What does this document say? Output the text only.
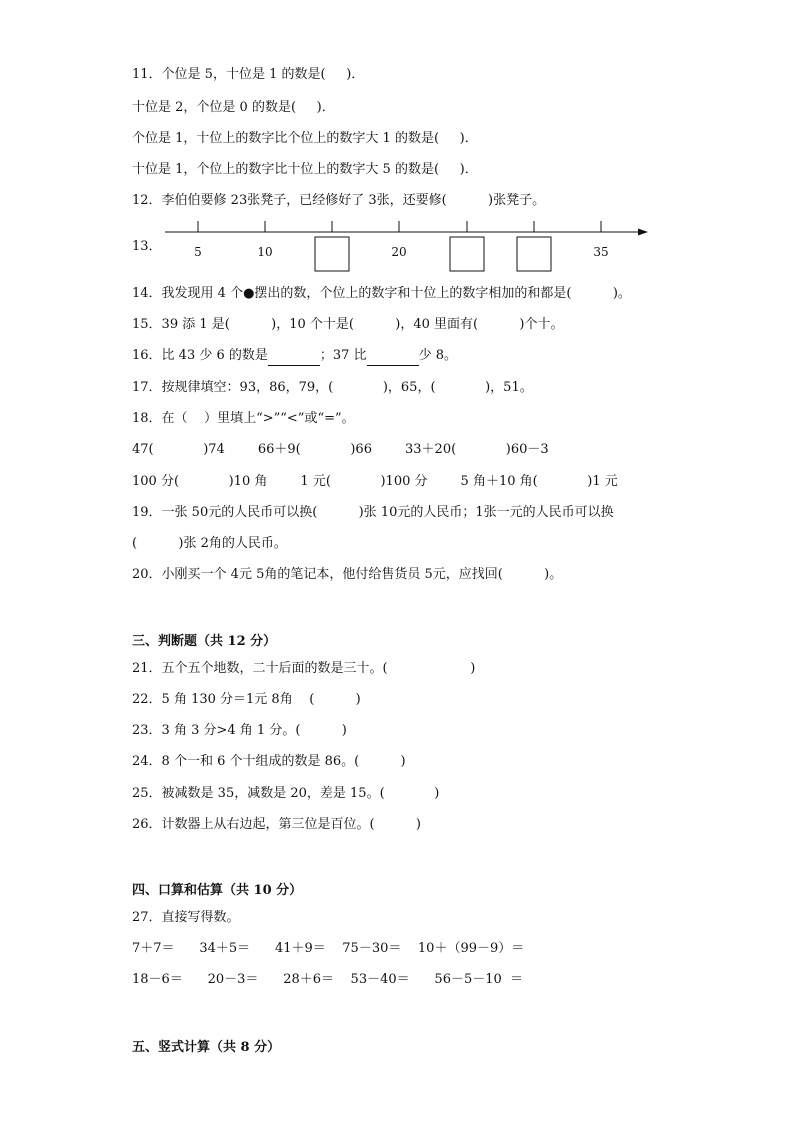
11．个位是 5，十位是 1 的数是(     )．
十位是 2，个位是 0 的数是(     )．
个位是 1，十位上的数字比个位上的数字大 1 的数是(     )．
十位是 1，个位上的数字比十位上的数字大 5 的数是(     )．
12．李伯伯要修 23张凳子，已经修好了 3张，还要修(          )张凳子。
13．	5	10	20	35
14．我发现用 4 个●摆出的数，个位上的数字和十位上的数字相加的和都是(          )。
15．39 添 1 是(          )，10 个十是(          )，40 里面有(          )个十。
16．比 43 少 6 的数是	；37 比	少 8。
17．按规律填空：93，86，79，(            )，65，(            )，51。
18．在（    ）里填上“>”“<”或“=”。
47(            )74        66＋9(            )66        33＋20(            )60－3
100 分(            )10 角        1 元(            )100 分        5 角＋10 角(            )1 元
19．一张 50元的人民币可以换(          )张 10元的人民币；1张一元的人民币可以换
(          )张 2角的人民币。
20．小刚买一个 4元 5角的笔记本，他付给售货员 5元，应找回(          )。
三、判断题（共 12 分）
21．五个五个地数，二十后面的数是三十。(                    )
22．5 角 130 分＝1元 8角    (          )
23．3 角 3 分>4 角 1 分。(          )
24．8 个一和 6 个十组成的数是 86。(          )
25．被减数是 35，减数是 20，差是 15。(            )
26．计数器上从右边起，第三位是百位。(          )
四、口算和估算（共 10 分）
27．直接写得数。
7＋7＝      34＋5＝      41＋9＝    75－30＝    10＋（99－9）＝
18－6＝      20－3＝      28＋6＝    53－40＝      56－5－10  ＝
五、竖式计算（共 8 分）
